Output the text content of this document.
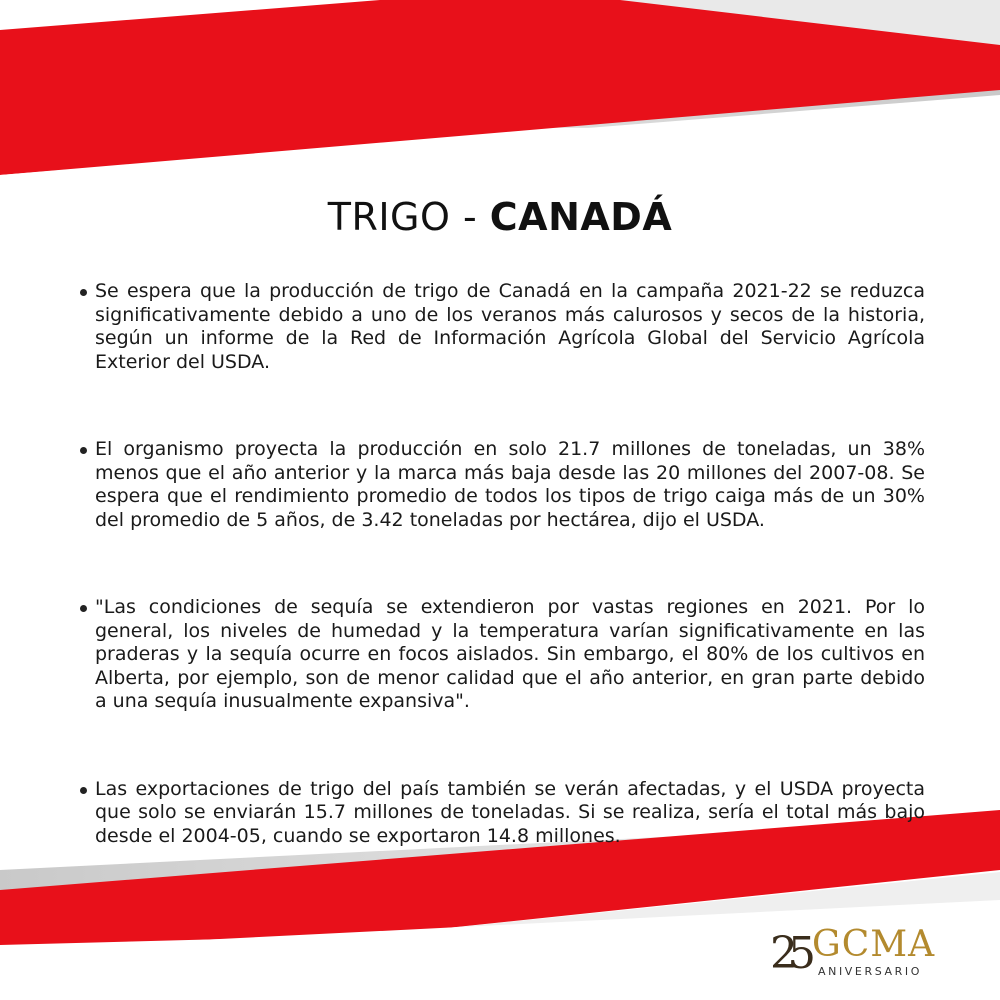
TRIGO - CANADÁ
Se espera que la producción de trigo de Canadá en la campaña 2021-22 se reduzca significativamente debido a uno de los veranos más calurosos y secos de la historia, según un informe de la Red de Información Agrícola Global del Servicio Agrícola Exterior del USDA.
El organismo proyecta la producción en solo 21.7 millones de toneladas, un 38% menos que el año anterior y la marca más baja desde las 20 millones del 2007-08. Se espera que el rendimiento promedio de todos los tipos de trigo caiga más de un 30% del promedio de 5 años, de 3.42 toneladas por hectárea, dijo el USDA.
"Las condiciones de sequía se extendieron por vastas regiones en 2021. Por lo general, los niveles de humedad y la temperatura varían significativamente en las praderas y la sequía ocurre en focos aislados. Sin embargo, el 80% de los cultivos en Alberta, por ejemplo, son de menor calidad que el año anterior, en gran parte debido a una sequía inusualmente expansiva".
Las exportaciones de trigo del país también se verán afectadas, y el USDA proyecta que solo se enviarán 15.7 millones de toneladas. Si se realiza, sería el total más bajo desde el 2004-05, cuando se exportaron 14.8 millones.
25 GCMA
ANIVERSARIO
